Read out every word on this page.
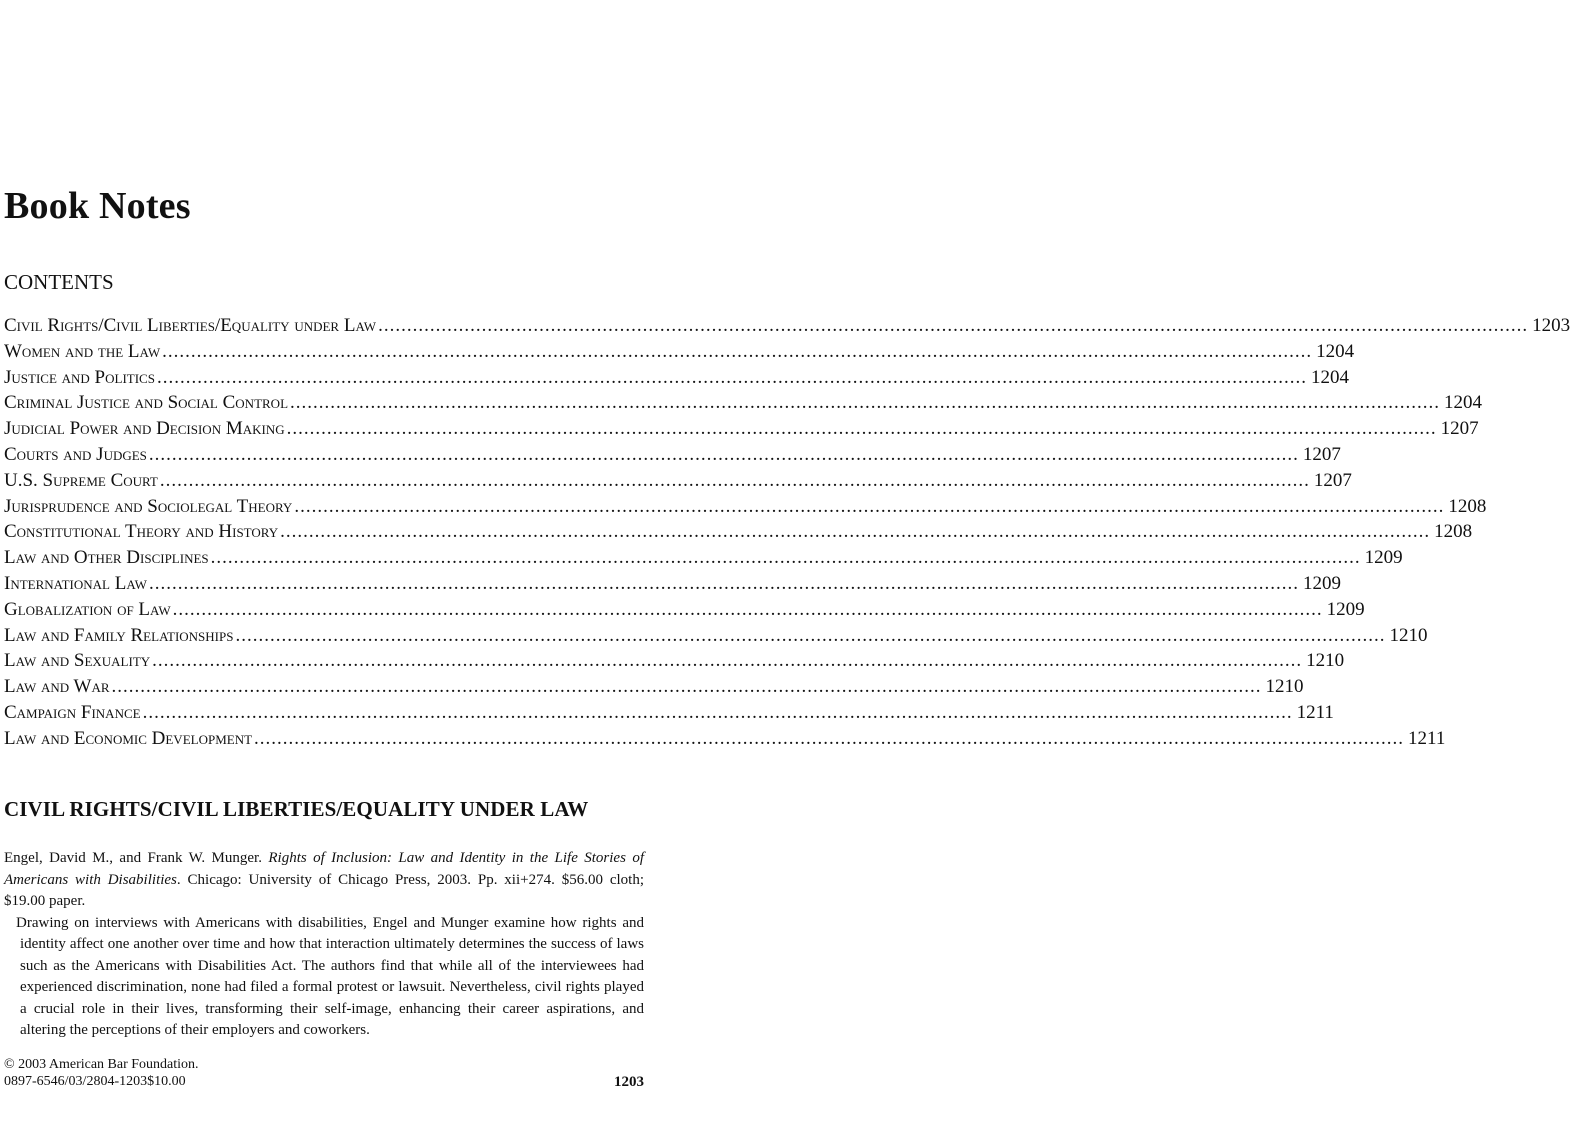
Book Notes
CONTENTS
Civil Rights/Civil Liberties/Equality under Law ........................................................................................................................................................................................................ 1203
Women and the Law ........................................................................................................................................................................................................ 1204
Justice and Politics ........................................................................................................................................................................................................ 1204
Criminal Justice and Social Control ........................................................................................................................................................................................................ 1204
Judicial Power and Decision Making ........................................................................................................................................................................................................ 1207
Courts and Judges ........................................................................................................................................................................................................ 1207
U.S. Supreme Court ........................................................................................................................................................................................................ 1207
Jurisprudence and Sociolegal Theory ........................................................................................................................................................................................................ 1208
Constitutional Theory and History ........................................................................................................................................................................................................ 1208
Law and Other Disciplines ........................................................................................................................................................................................................ 1209
International Law ........................................................................................................................................................................................................ 1209
Globalization of Law ........................................................................................................................................................................................................ 1209
Law and Family Relationships ........................................................................................................................................................................................................ 1210
Law and Sexuality ........................................................................................................................................................................................................ 1210
Law and War ........................................................................................................................................................................................................ 1210
Campaign Finance ........................................................................................................................................................................................................ 1211
Law and Economic Development ........................................................................................................................................................................................................ 1211
CIVIL RIGHTS/CIVIL LIBERTIES/EQUALITY UNDER LAW

Engel, David M., and Frank W. Munger. Rights of Inclusion: Law and Identity in the Life Stories of Americans with Disabilities. Chicago: University of Chicago Press, 2003. Pp. xii+274. $56.00 cloth; $19.00 paper.

Drawing on interviews with Americans with disabilities, Engel and Munger examine how rights and identity affect one another over time and how that interaction ultimately determines the success of laws such as the Americans with Disabilities Act. The authors find that while all of the interviewees had experienced discrimination, none had filed a formal protest or lawsuit. Nevertheless, civil rights played a crucial role in their lives, transforming their self-image, enhancing their career aspirations, and altering the perceptions of their employers and coworkers.

© 2003 American Bar Foundation.
0897-6546/03/2804-1203$10.00	1203
